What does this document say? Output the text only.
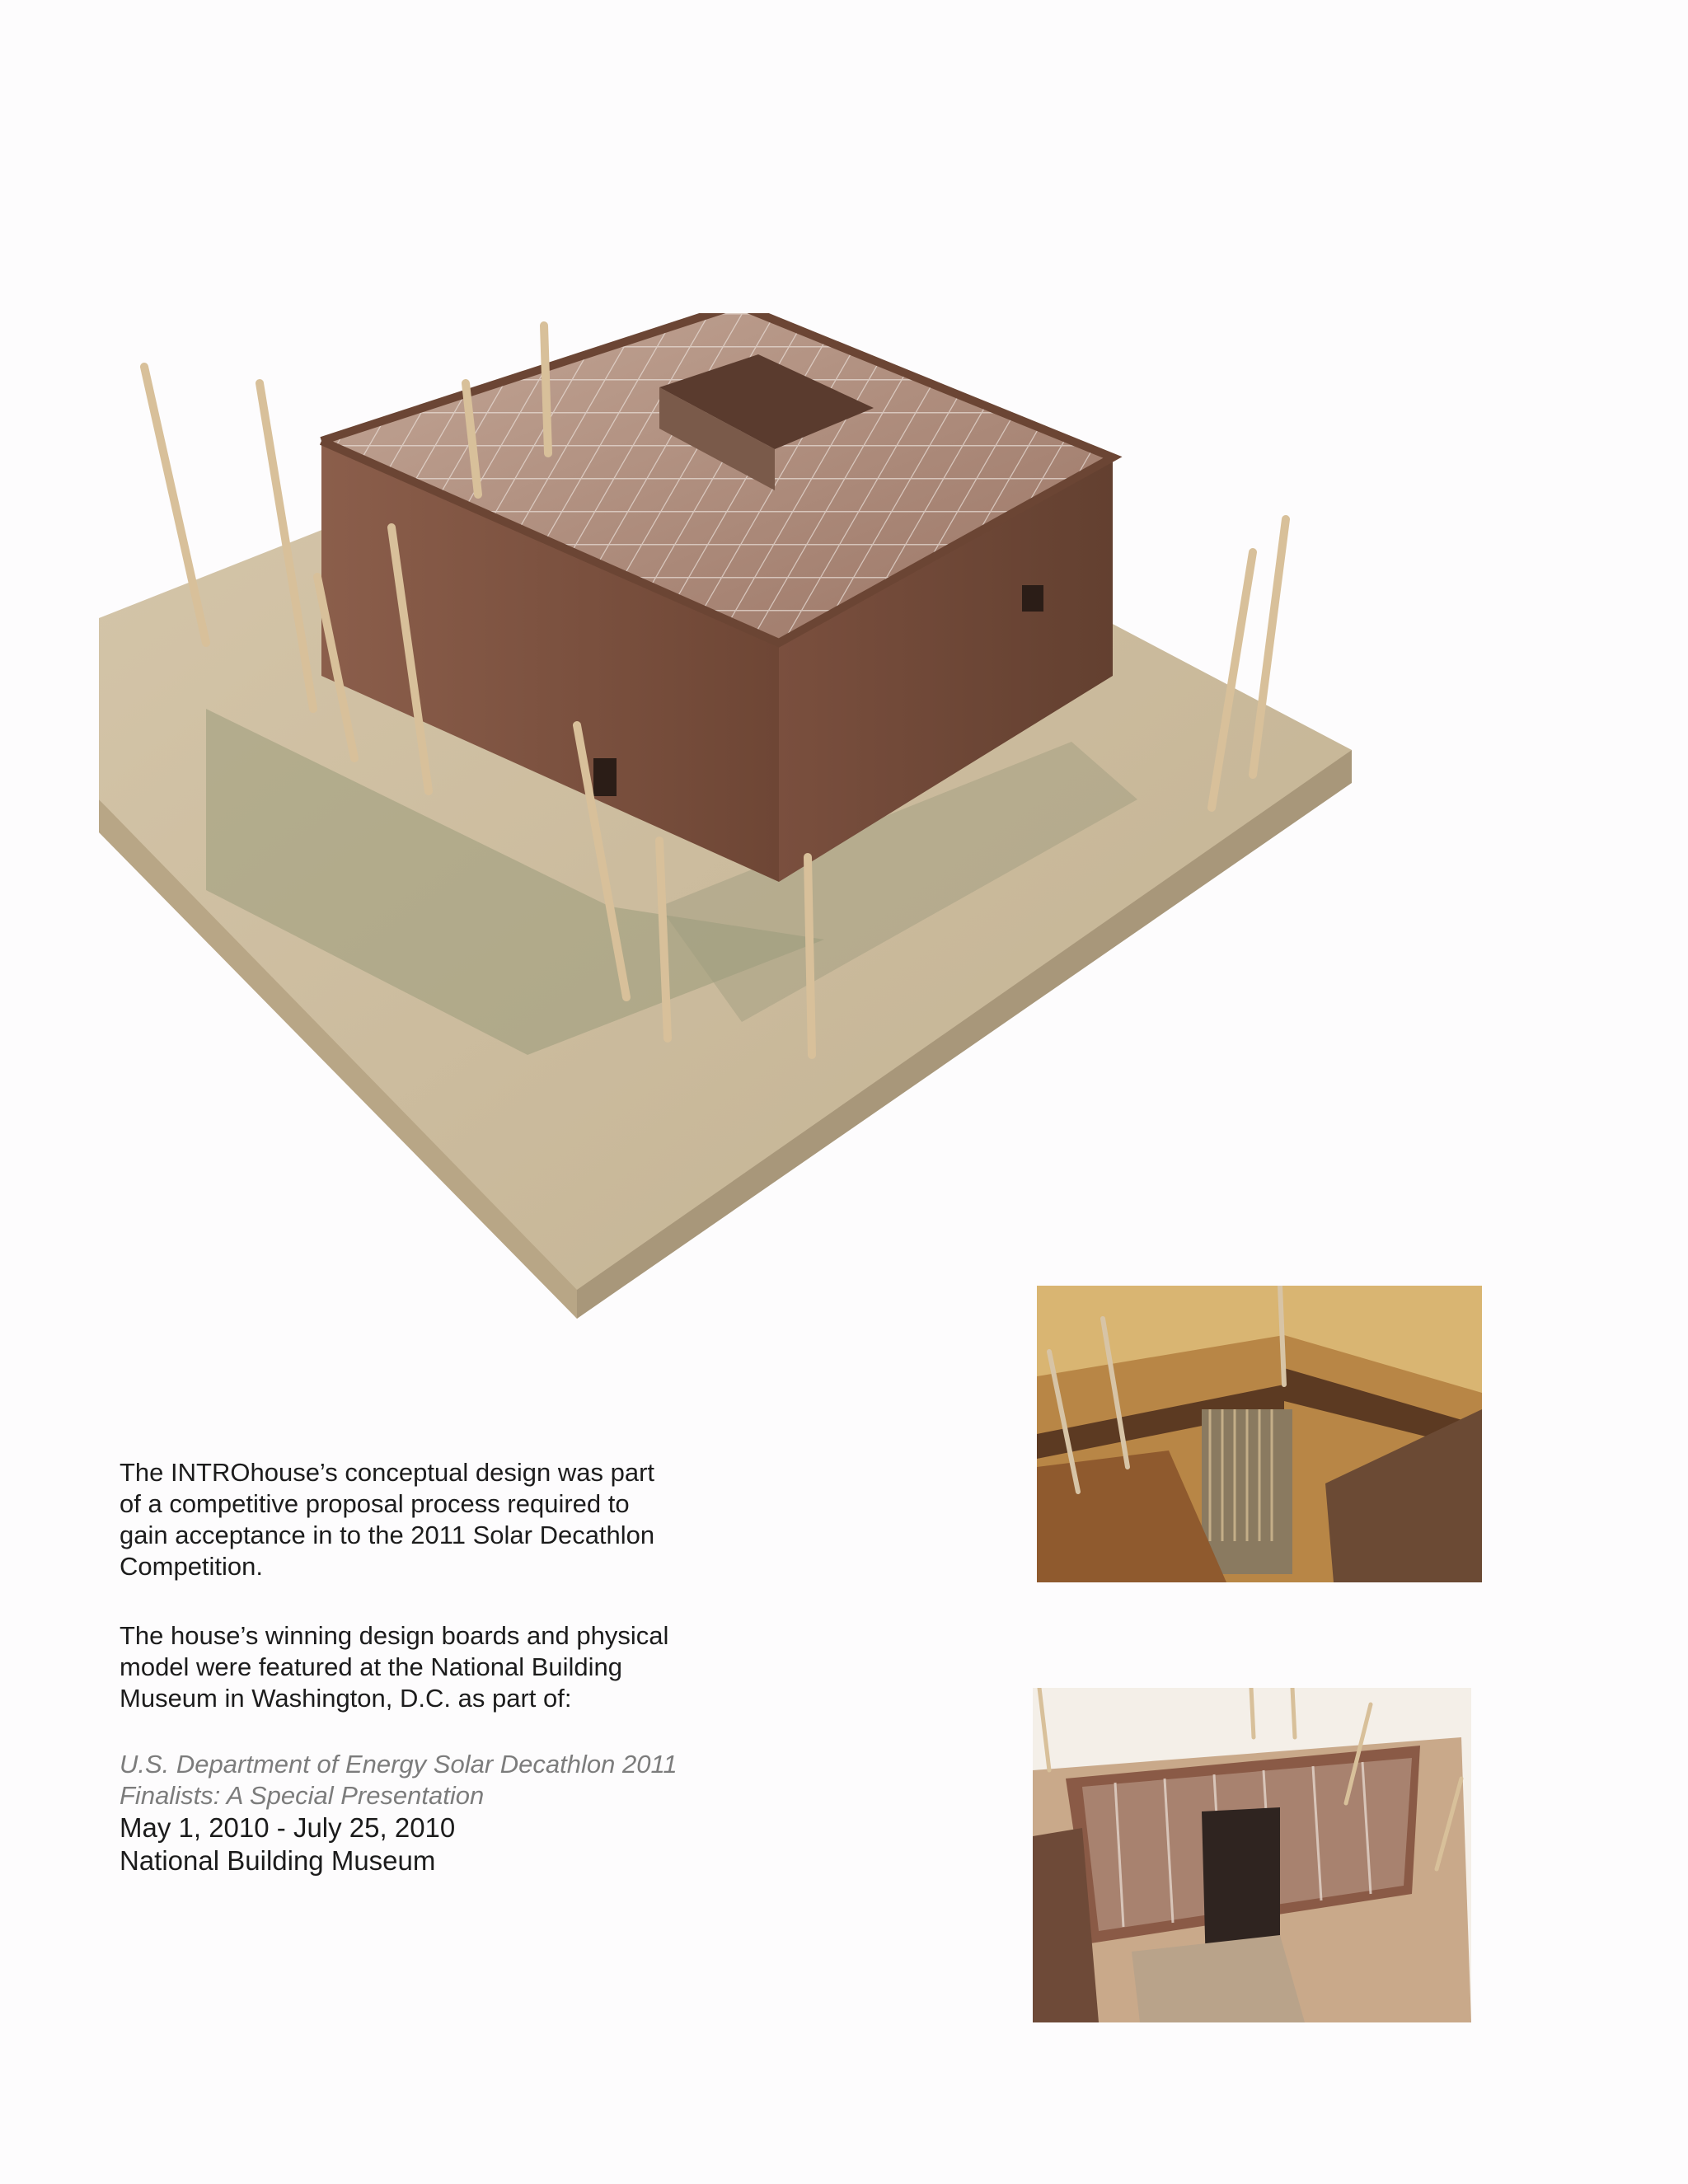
The INTROhouse’s conceptual design was part
of a competitive proposal process required to
gain acceptance in to the 2011 Solar Decathlon
Competition.
The house’s winning design boards and physical
model were featured at the National Building
Museum in Washington, D.C. as part of:
U.S. Department of Energy Solar Decathlon 2011
Finalists: A Special Presentation
May 1, 2010 - July 25, 2010
National Building Museum
